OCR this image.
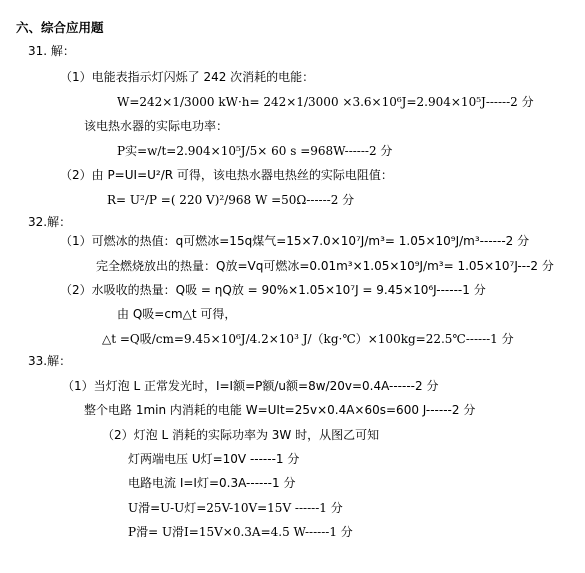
六、综合应用题
31. 解：
（1）电能表指示灯闪烁了 242 次消耗的电能：
W=242×1/3000 kW·h= 242×1/3000 ×3.6×10⁶J=2.904×10⁵J------2 分
该电热水器的实际电功率：
P实=w/t=2.904×10⁵J/5× 60 s =968W------2 分
（2）由 P=UI=U²/R 可得，该电热水器电热丝的实际电阻值：
R= U²/P =( 220 V)²/968 W =50Ω------2 分
32.解：
（1）可燃冰的热值：q可燃冰=15q煤气=15×7.0×10⁷J/m³= 1.05×10⁹J/m³------2 分
完全燃烧放出的热量：Q放=Vq可燃冰=0.01m³×1.05×10⁹J/m³= 1.05×10⁷J---2 分
（2）水吸收的热量：Q吸 = ηQ放 = 90%×1.05×10⁷J = 9.45×10⁶J------1 分
由 Q吸=cm△t 可得，
△t =Q吸/cm=9.45×10⁶J/4.2×10³ J/（kg·℃）×100kg=22.5℃------1 分
33.解：
（1）当灯泡 L 正常发光时，I=I额=P额/u额=8w/20v=0.4A------2 分
整个电路 1min 内消耗的电能 W=UIt=25v×0.4A×60s=600 J------2 分
（2）灯泡 L 消耗的实际功率为 3W 时，从图乙可知
灯两端电压 U灯=10V ------1 分
电路电流 I=I灯=0.3A------1 分
U滑=U-U灯=25V-10V=15V ------1 分
P滑= U滑I=15V×0.3A=4.5 W------1 分
